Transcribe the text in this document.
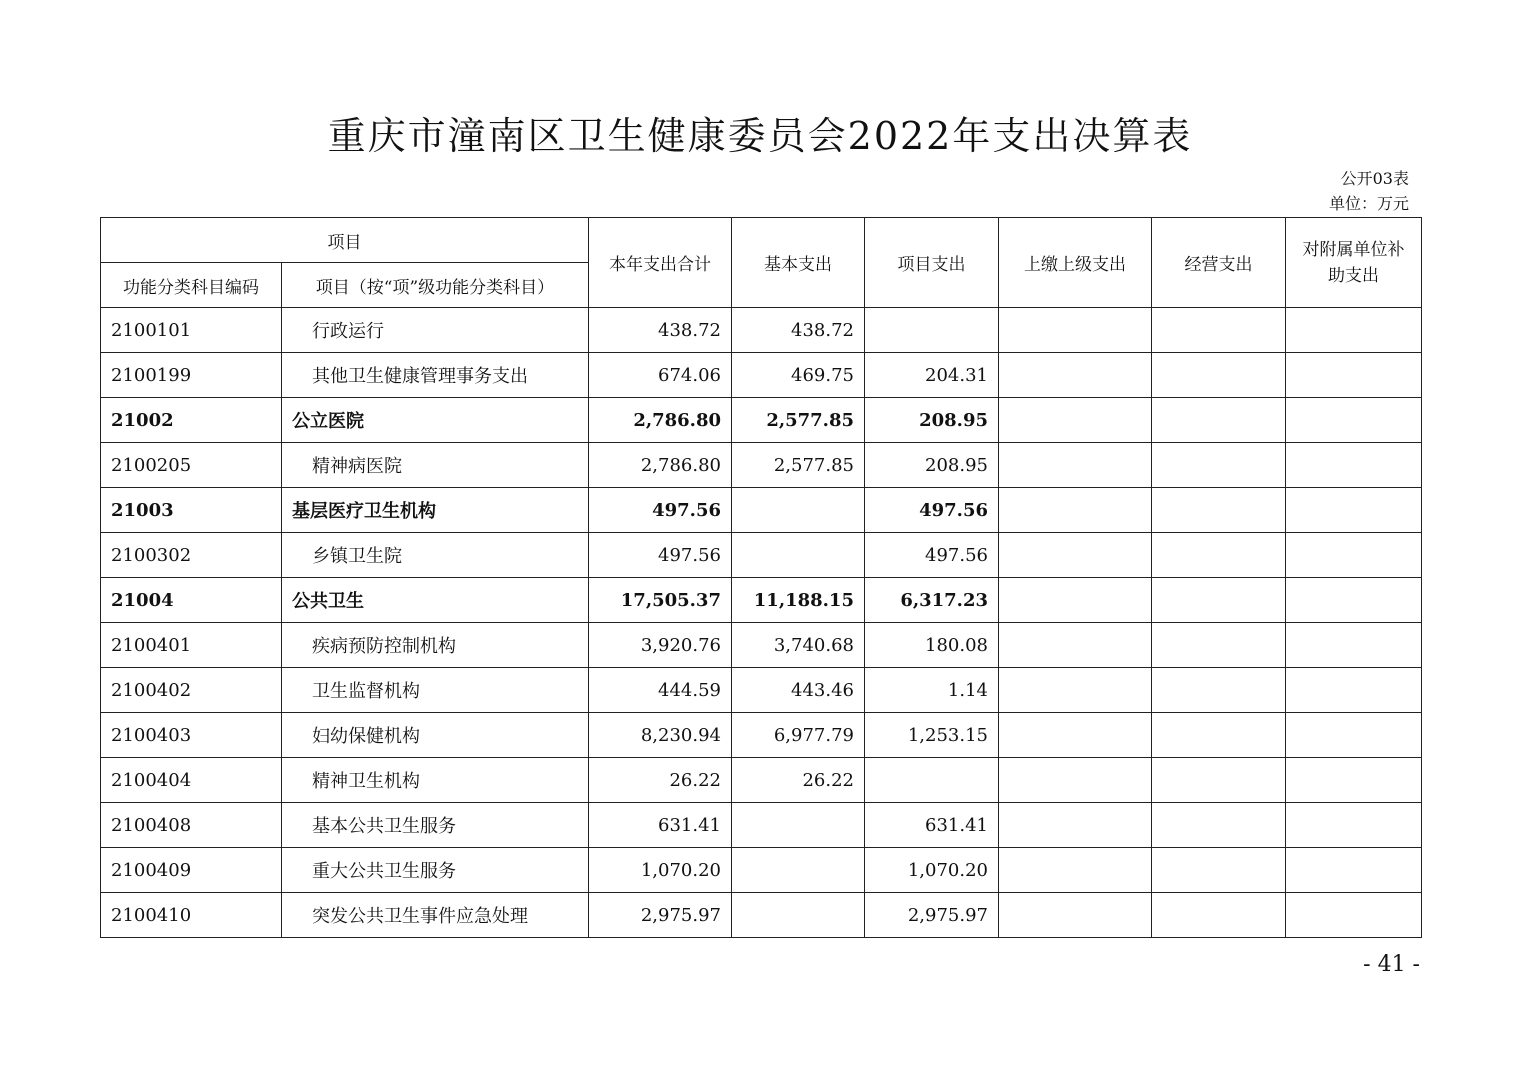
重庆市潼南区卫生健康委员会2022年支出决算表
公开03表
单位：万元
项目		本年支出合计	基本支出	项目支出	上缴上级支出	经营支出	对附属单位补助支出
功能分类科目编码	项目（按“项”级功能分类科目）						
2100101	行政运行	438.72	438.72				
2100199	其他卫生健康管理事务支出	674.06	469.75	204.31			
21002	公立医院	2,786.80	2,577.85	208.95			
2100205	精神病医院	2,786.80	2,577.85	208.95			
21003	基层医疗卫生机构	497.56		497.56			
2100302	乡镇卫生院	497.56		497.56			
21004	公共卫生	17,505.37	11,188.15	6,317.23			
2100401	疾病预防控制机构	3,920.76	3,740.68	180.08			
2100402	卫生监督机构	444.59	443.46	1.14			
2100403	妇幼保健机构	8,230.94	6,977.79	1,253.15			
2100404	精神卫生机构	26.22	26.22				
2100408	基本公共卫生服务	631.41		631.41			
2100409	重大公共卫生服务	1,070.20		1,070.20			
2100410	突发公共卫生事件应急处理	2,975.97		2,975.97			
- 41 -
